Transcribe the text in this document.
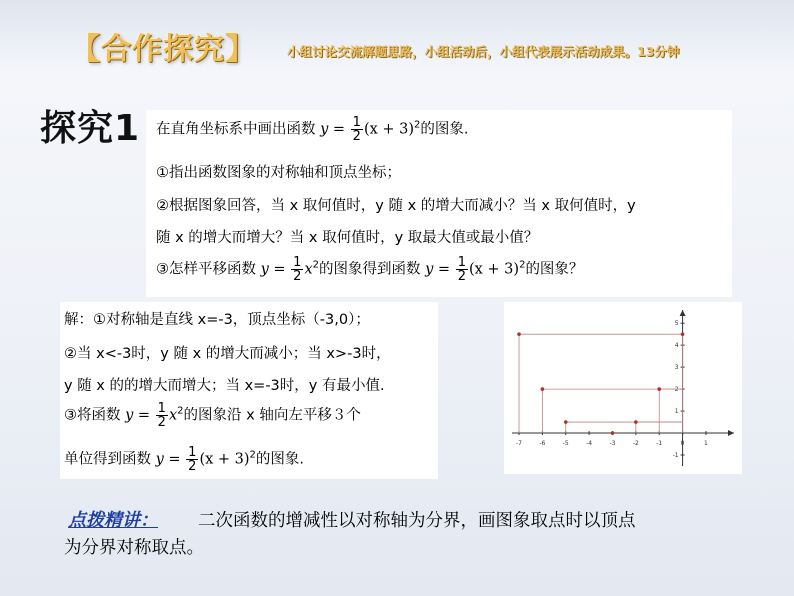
【合作探究】 小组讨论交流解题思路，小组活动后，小组代表展示活动成果。13分钟
探究1 在直角坐标系中画出函数 $y = \frac{1}{2} (x + 3)^2$的图象.
①指出函数图象的对称轴和顶点坐标；
②根据图象回答，当 x 取何值时，y 随 x 的增大而减小？当 x 取何值时，y
随 x 的增大而增大？当 x 取何值时，y 取最大值或最小值？
③怎样平移函数 $y = \frac{1}{2} x^2$的图象得到函数 $y = \frac{1}{2} (x + 3)^2$的图象？
解：①对称轴是直线 x=-3，顶点坐标（-3,0）；
②当 x<-3时，y 随 x 的增大而减小；当 x>-3时，
y 随 x 的的增大而增大；当 x=-3时，y 有最小值.
③将函数 $y = \frac{1}{2} x^2$的图象沿 x 轴向左平移３个
单位得到函数 $y = \frac{1}{2} (x + 3)^2$的图象.
-7	-6	-5	-4	-3	-2	-1	0	1
5
4
3
2
1
-1
点拨精讲： 二次函数的增减性以对称轴为分界，画图象取点时以顶点
为分界对称取点。
